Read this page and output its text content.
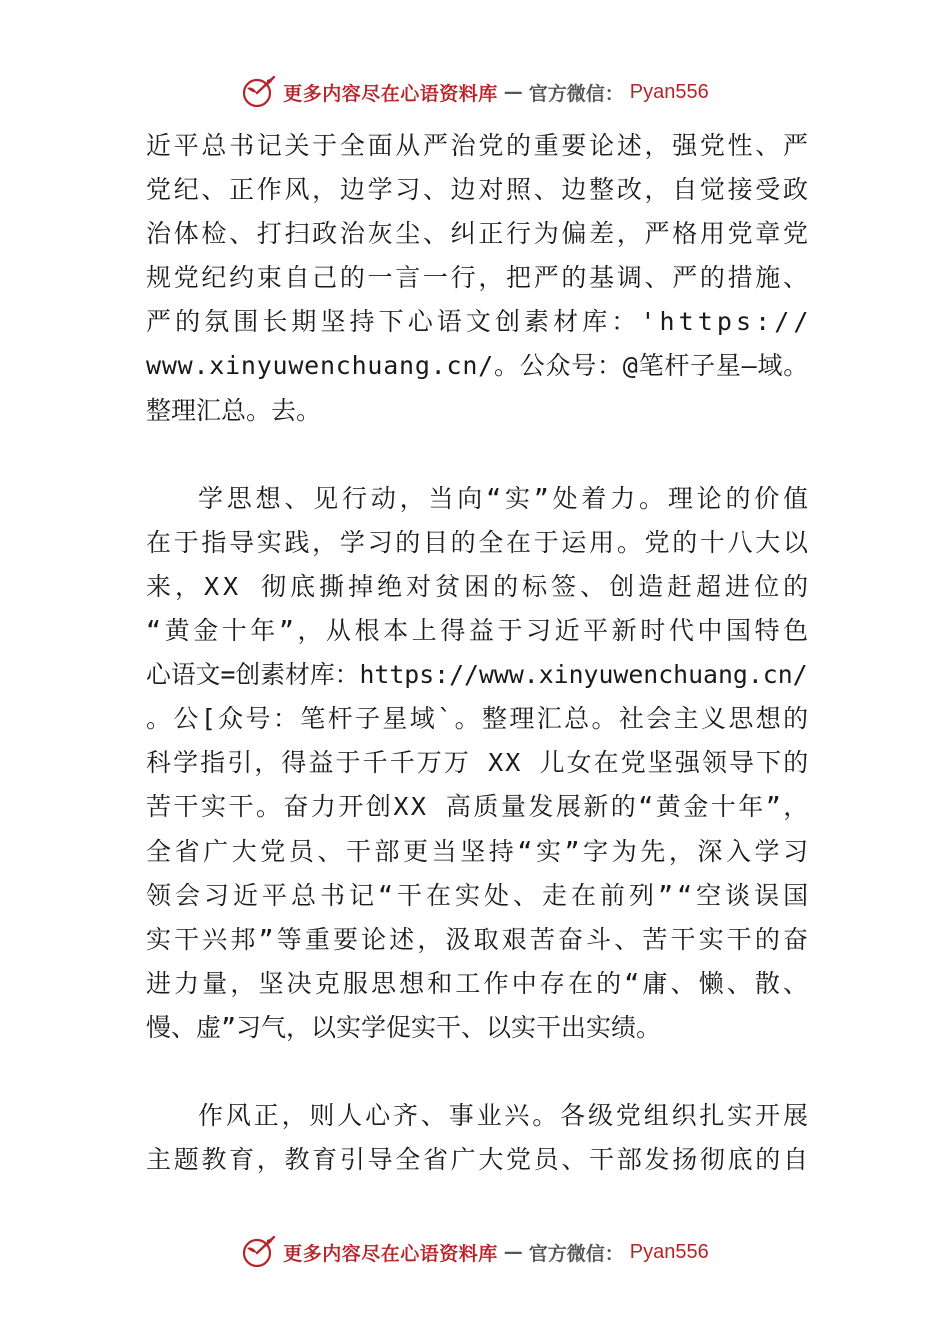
更多内容尽在心语资料库 — 官方微信： Pyan556
近平总书记关于全面从严治党的重要论述，强党性、严
党纪、正作风，边学习、边对照、边整改，自觉接受政
治体检、打扫政治灰尘、纠正行为偏差，严格用党章党
规党纪约束自己的一言一行，把严的基调、严的措施、
严的氛围长期坚持下心语文创素材库：'https://
www.xinyuwenchuang.cn/。公众号：@笔杆子星—域。
整理汇总。去。
学思想、见行动，当向“实”处着力。理论的价值
在于指导实践，学习的目的全在于运用。党的十八大以
来，XX 彻底撕掉绝对贫困的标签、创造赶超进位的
“黄金十年”，从根本上得益于习近平新时代中国特色
心语文=创素材库：https://www.xinyuwenchuang.cn/
。公[众号：笔杆子星域`。整理汇总。社会主义思想的
科学指引，得益于千千万万 XX 儿女在党坚强领导下的
苦干实干。奋力开创XX 高质量发展新的“黄金十年”，
全省广大党员、干部更当坚持“实”字为先，深入学习
领会习近平总书记“干在实处、走在前列”“空谈误国
实干兴邦”等重要论述，汲取艰苦奋斗、苦干实干的奋
进力量，坚决克服思想和工作中存在的“庸、懒、散、
慢、虚”习气，以实学促实干、以实干出实绩。
作风正，则人心齐、事业兴。各级党组织扎实开展
主题教育，教育引导全省广大党员、干部发扬彻底的自
更多内容尽在心语资料库 — 官方微信： Pyan556
